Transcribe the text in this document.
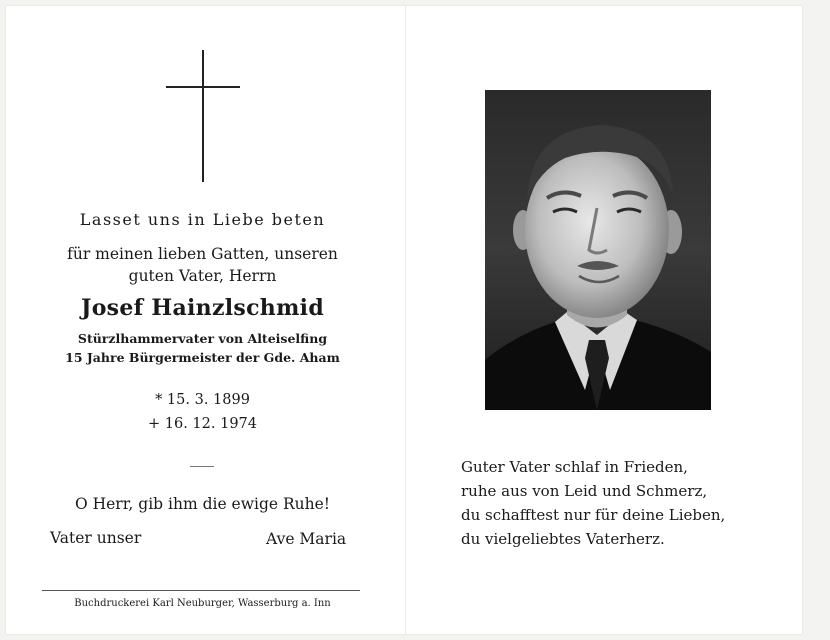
Lasset uns in Liebe beten
für meinen lieben Gatten, unseren
guten Vater, Herrn
Josef Hainzlschmid
Stürzlhammervater von Alteiselfing
15 Jahre Bürgermeister der Gde. Aham
* 15. 3. 1899
+ 16. 12. 1974
O Herr, gib ihm die ewige Ruhe!
Vater unser	Ave Maria
Buchdruckerei Karl Neuburger, Wasserburg a. Inn
Guter Vater schlaf in Frieden,
ruhe aus von Leid und Schmerz,
du schafftest nur für deine Lieben,
du vielgeliebtes Vaterherz.
